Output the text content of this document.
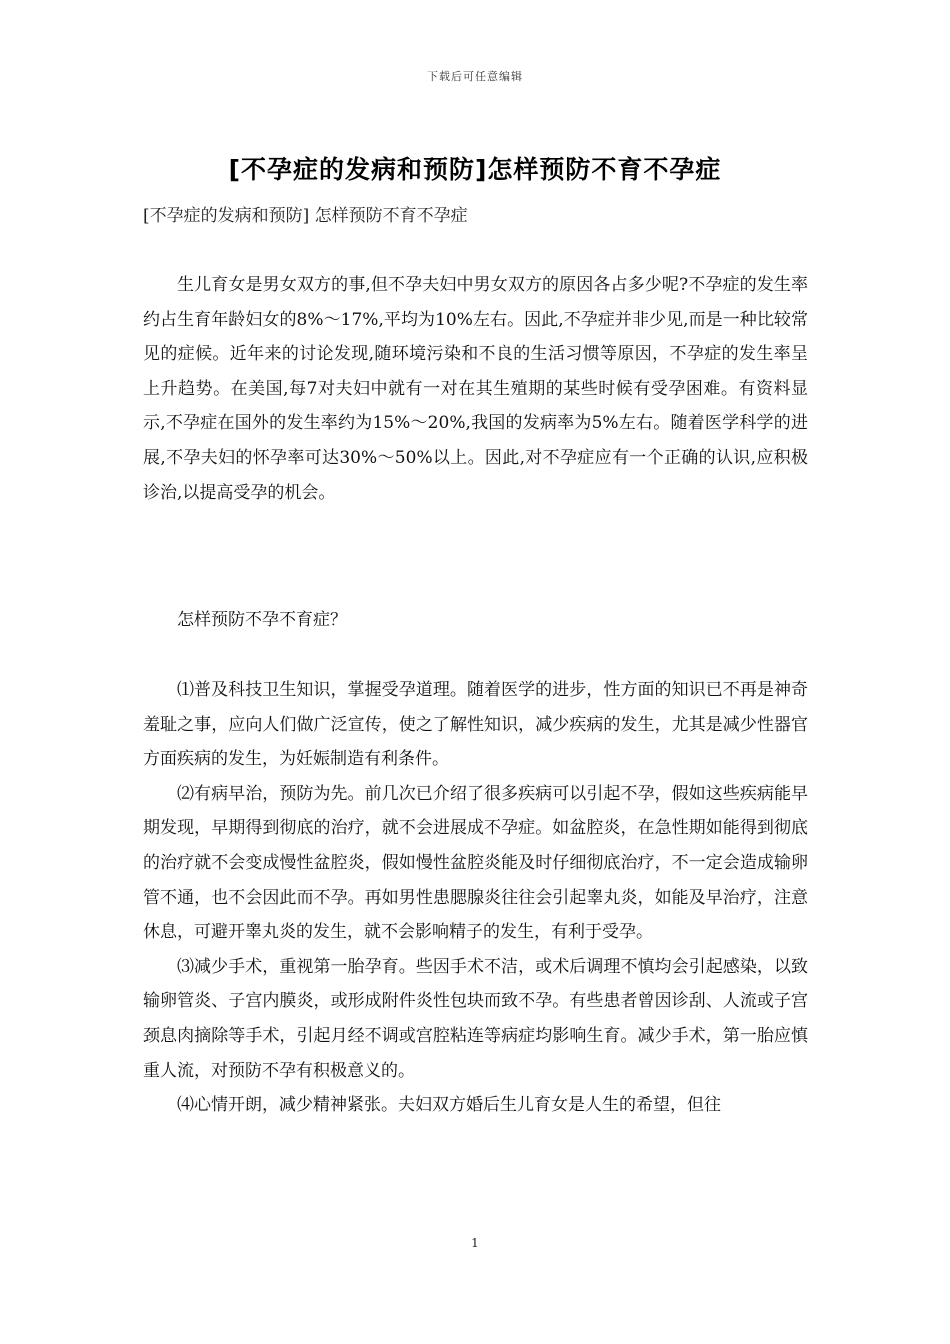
下载后可任意编辑
[不孕症的发病和预防]怎样预防不育不孕症
[不孕症的发病和预防] 怎样预防不育不孕症

生儿育女是男女双方的事,但不孕夫妇中男女双方的原因各占多少呢?不孕症的发生率约占生育年龄妇女的8%～17%,平均为10%左右。因此,不孕症并非少见,而是一种比较常见的症候。近年来的讨论发现,随环境污染和不良的生活习惯等原因，不孕症的发生率呈上升趋势。在美国,每7对夫妇中就有一对在其生殖期的某些时候有受孕困难。有资料显示,不孕症在国外的发生率约为15%～20%,我国的发病率为5%左右。随着医学科学的进展,不孕夫妇的怀孕率可达30%～50%以上。因此,对不孕症应有一个正确的认识,应积极诊治,以提高受孕的机会。

怎样预防不孕不育症？

⑴普及科技卫生知识，掌握受孕道理。随着医学的进步，性方面的知识已不再是神奇羞耻之事，应向人们做广泛宣传，使之了解性知识，减少疾病的发生，尤其是减少性器官方面疾病的发生，为妊娠制造有利条件。

⑵有病早治，预防为先。前几次已介绍了很多疾病可以引起不孕，假如这些疾病能早期发现，早期得到彻底的治疗，就不会进展成不孕症。如盆腔炎，在急性期如能得到彻底的治疗就不会变成慢性盆腔炎，假如慢性盆腔炎能及时仔细彻底治疗，不一定会造成输卵管不通，也不会因此而不孕。再如男性患腮腺炎往往会引起睾丸炎，如能及早治疗，注意休息，可避开睾丸炎的发生，就不会影响精子的发生，有利于受孕。

⑶减少手术，重视第一胎孕育。些因手术不洁，或术后调理不慎均会引起感染，以致输卵管炎、子宫内膜炎，或形成附件炎性包块而致不孕。有些患者曾因诊刮、人流或子宫颈息肉摘除等手术，引起月经不调或宫腔粘连等病症均影响生育。减少手术，第一胎应慎重人流，对预防不孕有积极意义的。

⑷心情开朗，减少精神紧张。夫妇双方婚后生儿育女是人生的希望，但往

1
